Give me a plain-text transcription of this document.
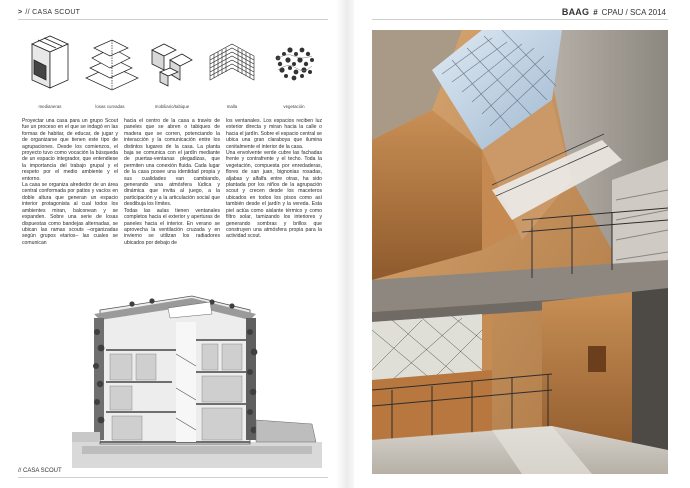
> // CASA SCOUT	BAAG # CPAU / SCA 2014
medianeras	losas curvadas	mobiliario/tabique	malla	vegetación

Proyectar una casa para un grupo Scout fue un proceso en el que se indagó en las formas de habitar, de educar, de jugar y de organizarse que tienen este tipo de agrupaciones. Desde los comienzos, el proyecto tuvo como vocación la búsqueda de un espacio integrador, que entendiese la importancia del trabajo grupal y el respeto por el medio ambiente y el entorno.
La casa se organiza alrededor de un área central conformada por patios y vacíos en doble altura que generan un espacio interior protagonista al cual todos los ambientes miran, balconean y se expanden. Sobre una serie de losas dispuestas como bandejas alternadas, se ubican las ramas scouts –organizadas según grupos etarios– las cuales se comunican

hacia el centro de la casa a través de paneles que se abren o tabiques de madera que se corren, potenciando la interacción y la comunicación entre los distintos lugares de la casa. La planta baja se comunica con el jardín mediante de puertas-ventanas plegadizas, que permiten una conexión fluida. Cada lugar de la casa posee una identidad propia y sus cualidades van cambiando, generando una atmósfera lúdica y dinámica que invita al juego, a la participación y a la articulación social que desdibuja los límites.
Todas las aulas tienen ventanales completos hacia el exterior y aperturas de paneles hacia el interior. En verano se aprovecha la ventilación cruzada y en invierno se utilizan los radiadores ubicados por debajo de

los ventanales. Los espacios reciben luz exterior directa y miran hacia la calle o hacia el jardín. Sobre el espacio central se ubica una gran claraboya que ilumina cenitalmente el interior de la casa.
Una envolvente verde cubre las fachadas frente y contrafrente y el techo. Toda la vegetación, compuesta por enredaderas, flores de san juan, bignonias rosadas, aljabas y alfalfa entre otras, ha sido plantada por los niños de la agrupación scout y crecen desde los maceteros ubicados en todos los pisos como así también desde el jardín y la vereda. Esta piel actúa como aislante térmico y como filtro solar, tamizando los interiores y generando sombras y brillos que construyen una atmósfera propia para la actividad scout.

// CASA SCOUT
